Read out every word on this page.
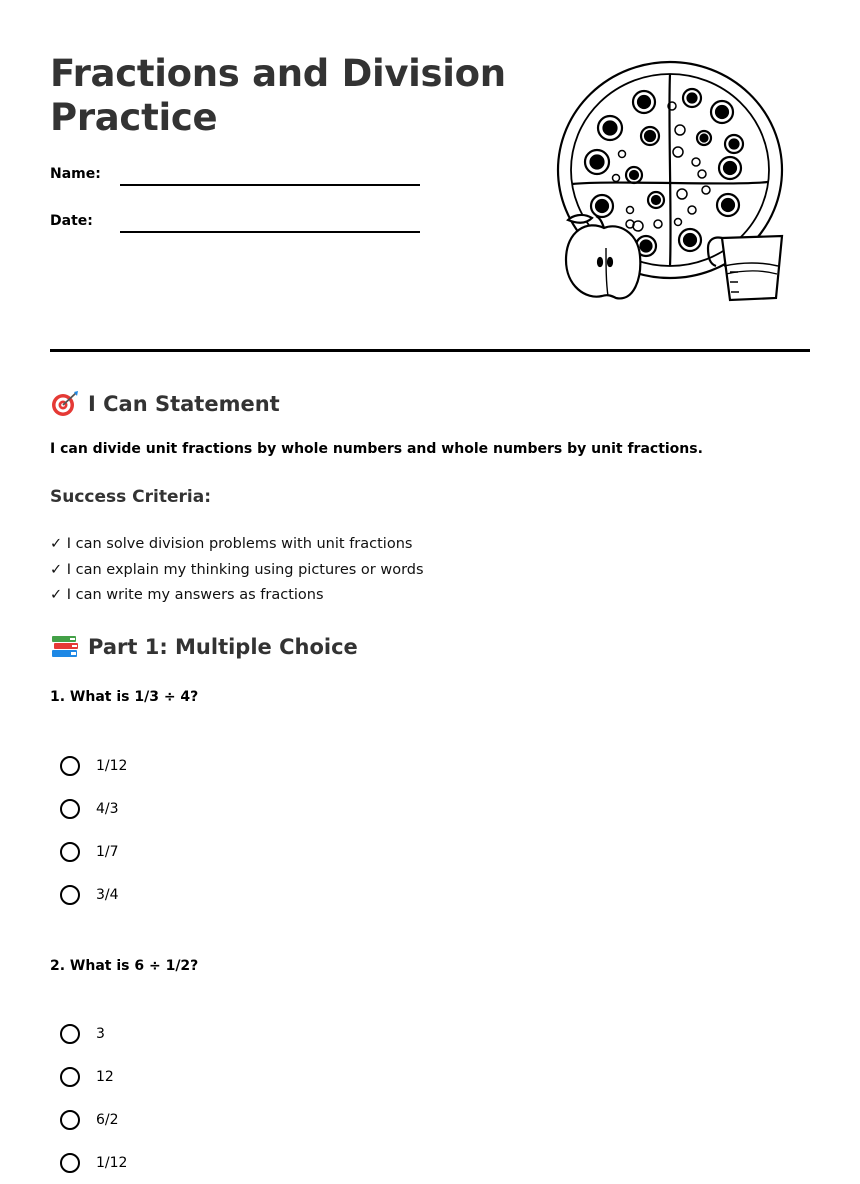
Fractions and Division Practice
Name:
Date:
I Can Statement
I can divide unit fractions by whole numbers and whole numbers by unit fractions.
Success Criteria:
✓ I can solve division problems with unit fractions
✓ I can explain my thinking using pictures or words
✓ I can write my answers as fractions
Part 1: Multiple Choice
1. What is 1/3 ÷ 4?
1/12
4/3
1/7
3/4
2. What is 6 ÷ 1/2?
3
12
6/2
1/12
